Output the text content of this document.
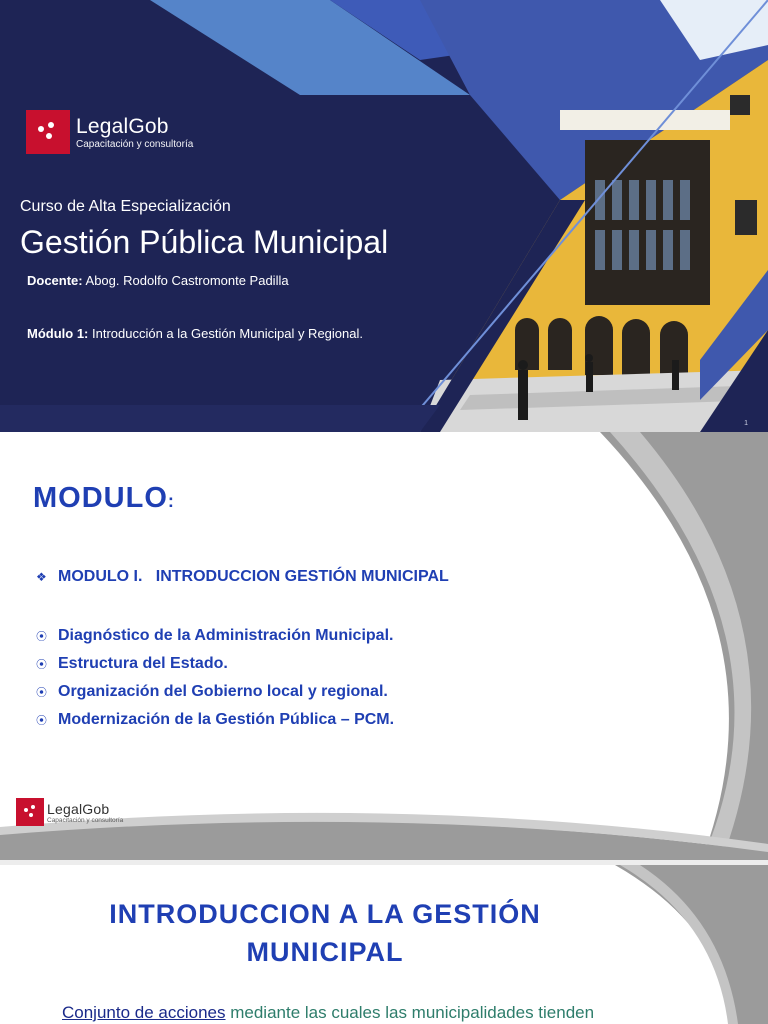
LegalGob
Capacitación y consultoría
Curso de Alta Especialización
Gestión Pública Municipal
Docente: Abog. Rodolfo Castromonte Padilla
Módulo 1: Introducción a la Gestión Municipal y Regional.
1
MODULO:
❖ MODULO I.   INTRODUCCION GESTIÓN MUNICIPAL
⦿ Diagnóstico de la Administración Municipal.
⦿ Estructura del Estado.
⦿ Organización del Gobierno local y regional.
⦿ Modernización de la Gestión Pública – PCM.
LegalGob
Capacitación y consultoría
INTRODUCCION A LA GESTIÓN
MUNICIPAL
Conjunto de acciones mediante las cuales las municipalidades tienden
